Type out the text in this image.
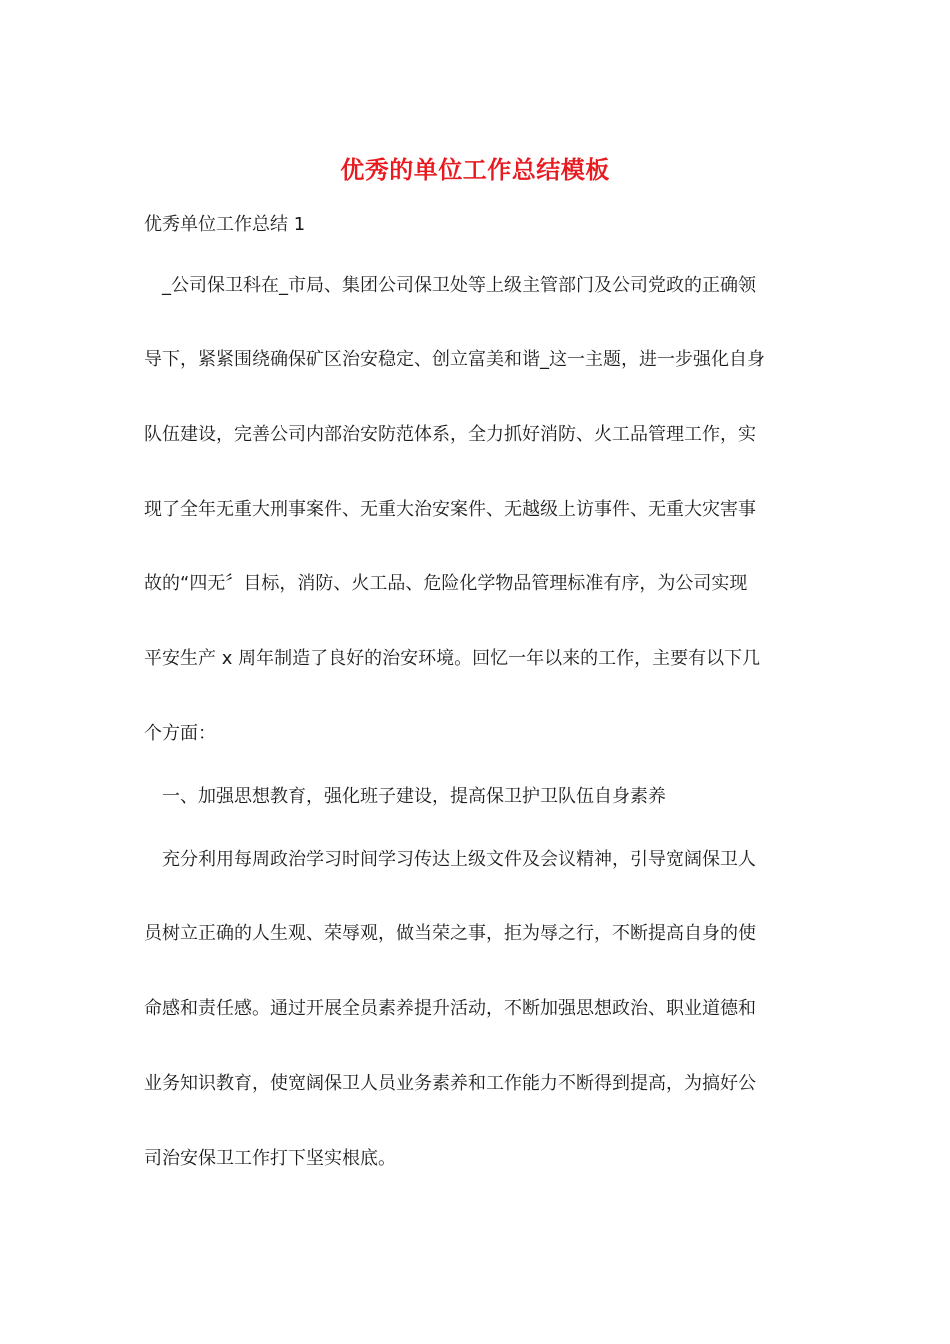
优秀的单位工作总结模板
优秀单位工作总结 1
_公司保卫科在_市局、集团公司保卫处等上级主管部门及公司党政的正确领
导下，紧紧围绕确保矿区治安稳定、创立富美和谐_这一主题，进一步强化自身
队伍建设，完善公司内部治安防范体系，全力抓好消防、火工品管理工作，实
现了全年无重大刑事案件、无重大治安案件、无越级上访事件、无重大灾害事
故的“四无〞目标，消防、火工品、危险化学物品管理标准有序，为公司实现
平安生产 x 周年制造了良好的治安环境。回忆一年以来的工作，主要有以下几
个方面：
一、加强思想教育，强化班子建设，提高保卫护卫队伍自身素养
充分利用每周政治学习时间学习传达上级文件及会议精神，引导宽阔保卫人
员树立正确的人生观、荣辱观，做当荣之事，拒为辱之行，不断提高自身的使
命感和责任感。通过开展全员素养提升活动，不断加强思想政治、职业道德和
业务知识教育，使宽阔保卫人员业务素养和工作能力不断得到提高，为搞好公
司治安保卫工作打下坚实根底。
